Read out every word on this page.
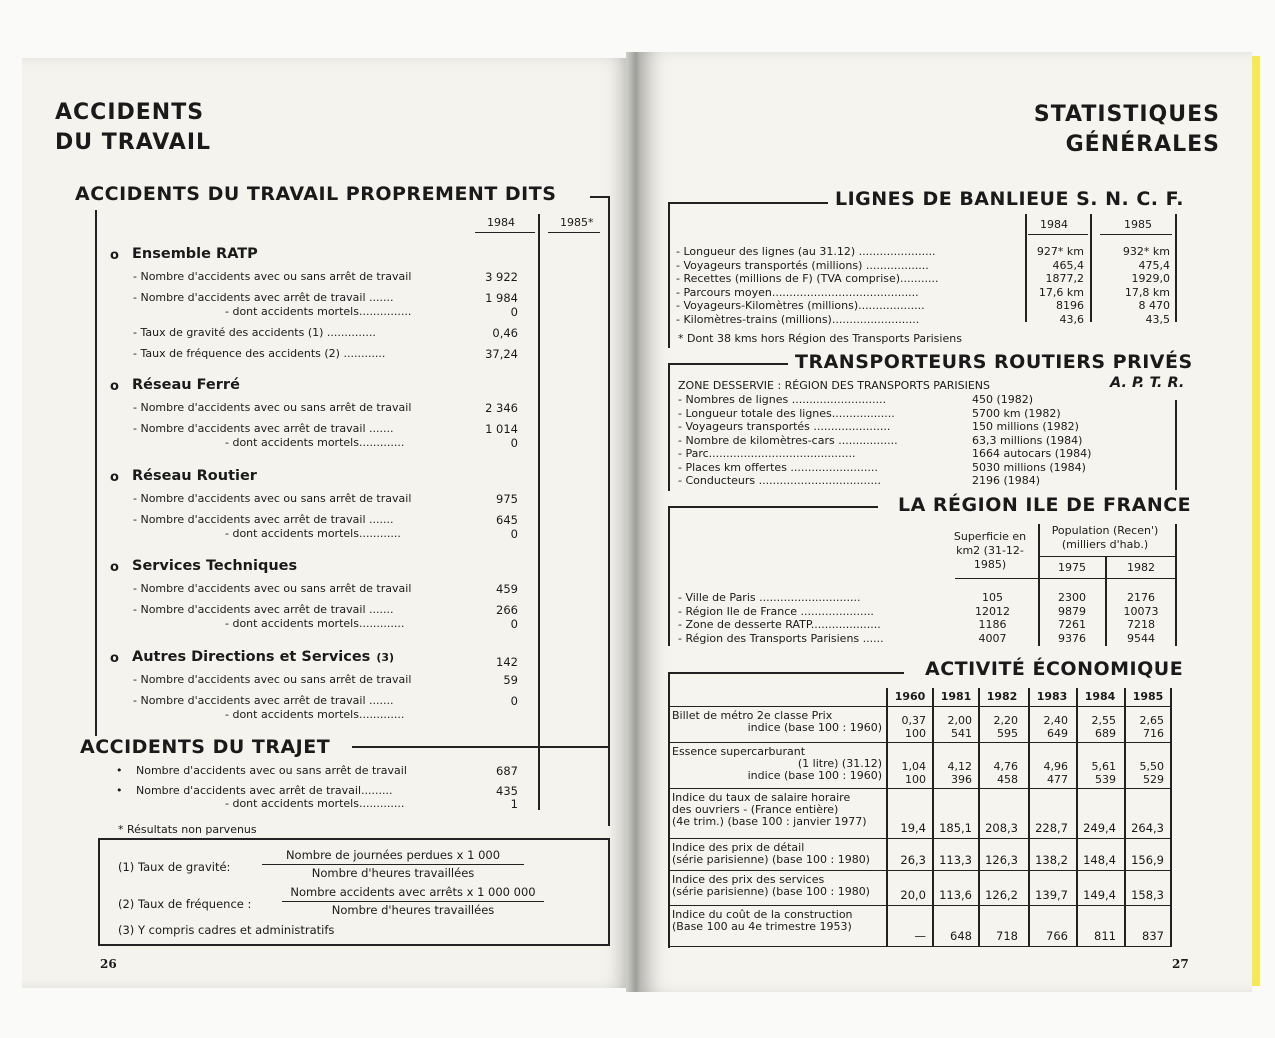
ACCIDENTS
DU TRAVAIL
ACCIDENTS DU TRAVAIL PROPREMENT DITS
1984	1985*
o Ensemble RATP
- Nombre d'accidents avec ou sans arrêt de travail	3 922
- Nombre d'accidents avec arrêt de travail .......	1 984
- dont accidents mortels...............	0
- Taux de gravité des accidents (1) ..............	0,46
- Taux de fréquence des accidents (2) ............	37,24
o Réseau Ferré
- Nombre d'accidents avec ou sans arrêt de travail	2 346
- Nombre d'accidents avec arrêt de travail .......	1 014
- dont accidents mortels.............	0
o Réseau Routier
- Nombre d'accidents avec ou sans arrêt de travail	975
- Nombre d'accidents avec arrêt de travail .......	645
- dont accidents mortels............	0
o Services Techniques
- Nombre d'accidents avec ou sans arrêt de travail	459
- Nombre d'accidents avec arrêt de travail .......	266
- dont accidents mortels.............	0
o Autres Directions et Services (3)	142
- Nombre d'accidents avec ou sans arrêt de travail	59
- Nombre d'accidents avec arrêt de travail .......	0
- dont accidents mortels.............
ACCIDENTS DU TRAJET
• Nombre d'accidents avec ou sans arrêt de travail	687
• Nombre d'accidents avec arrêt de travail.........	435
- dont accidents mortels.............	1
* Résultats non parvenus
(1) Taux de gravité:
Nombre de journées perdues x 1 000
Nombre d'heures travaillées
(2) Taux de fréquence :
Nombre accidents avec arrêts x 1 000 000
Nombre d'heures travaillées
(3) Y compris cadres et administratifs
26
STATISTIQUES
GÉNÉRALES
LIGNES DE BANLIEUE S. N. C. F.
1984	1985
- Longueur des lignes (au 31.12) ......................	927* km	932* km
- Voyageurs transportés (millions) ..................	465,4	475,4
- Recettes (millions de F) (TVA comprise)...........	1877,2	1929,0
- Parcours moyen..........................................	17,6 km	17,8 km
- Voyageurs-Kilomètres (millions)...................	8196	8 470
- Kilomètres-trains (millions).........................	43,6	43,5
* Dont 38 kms hors Région des Transports Parisiens
TRANSPORTEURS ROUTIERS PRIVÉS
ZONE DESSERVIE : RÉGION DES TRANSPORTS PARISIENS	A. P. T. R.
- Nombres de lignes ...........................	450 (1982)
- Longueur totale des lignes..................	5700 km (1982)
- Voyageurs transportés ......................	150 millions (1982)
- Nombre de kilomètres-cars .................	63,3 millions (1984)
- Parc..........................................	1664 autocars (1984)
- Places km offertes .........................	5030 millions (1984)
- Conducteurs ...................................	2196 (1984)
LA RÉGION ILE DE FRANCE
Superficie en km2 (31-12-1985)
Population (Recen') (milliers d'hab.)
1975	1982
- Ville de Paris .............................	105	2300	2176
- Région Ile de France .....................	12012	9879	10073
- Zone de desserte RATP....................	1186	7261	7218
- Région des Transports Parisiens ......	4007	9376	9544
ACTIVITÉ ÉCONOMIQUE
1960	1981	1982	1983	1984	1985
Billet de métro 2e classe Prix
indice (base 100 : 1960)
0,37	2,00	2,20	2,40	2,55	2,65
100	541	595	649	689	716
Essence supercarburant
(1 litre) (31.12)
indice (base 100 : 1960)
1,04	4,12	4,76	4,96	5,61	5,50
100	396	458	477	539	529
Indice du taux de salaire horaire
des ouvriers - (France entière)
(4e trim.) (base 100 : janvier 1977)	19,4	185,1	208,3	228,7	249,4	264,3
Indice des prix de détail
(série parisienne) (base 100 : 1980)	26,3	113,3	126,3	138,2	148,4	156,9
Indice des prix des services
(série parisienne) (base 100 : 1980)	20,0	113,6	126,2	139,7	149,4	158,3
Indice du coût de la construction
(Base 100 au 4e trimestre 1953)
—	648	718	766	811	837
27
